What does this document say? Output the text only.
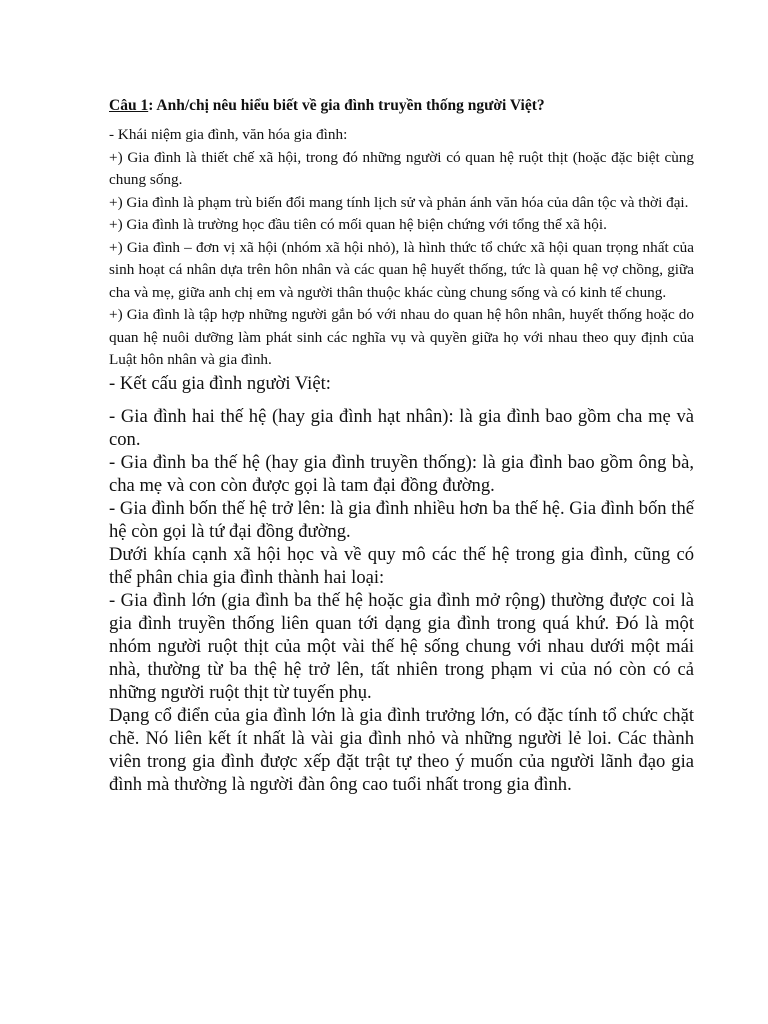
Câu 1: Anh/chị nêu hiểu biết về gia đình truyền thống người Việt?

- Khái niệm gia đình, văn hóa gia đình:

+) Gia đình là thiết chế xã hội, trong đó những người có quan hệ ruột thịt (hoặc đặc biệt cùng chung sống.

+) Gia đình là phạm trù biến đổi mang tính lịch sử và phản ánh văn hóa của dân tộc và thời đại.

+) Gia đình là trường học đầu tiên có mối quan hệ biện chứng với tổng thể xã hội.

+) Gia đình – đơn vị xã hội (nhóm xã hội nhỏ), là hình thức tổ chức xã hội quan trọng nhất của sinh hoạt cá nhân dựa trên hôn nhân và các quan hệ huyết thống, tức là quan hệ vợ chồng, giữa cha và mẹ, giữa anh chị em và người thân thuộc khác cùng chung sống và có kinh tế chung.

+) Gia đình là tập hợp những người gắn bó với nhau do quan hệ hôn nhân, huyết thống hoặc do quan hệ nuôi dưỡng làm phát sinh các nghĩa vụ và quyền giữa họ với nhau theo quy định của Luật hôn nhân và gia đình.

- Kết cấu gia đình người Việt:

- Gia đình hai thế hệ (hay gia đình hạt nhân): là gia đình bao gồm cha mẹ và con.

- Gia đình ba thế hệ (hay gia đình truyền thống): là gia đình bao gồm ông bà, cha mẹ và con còn được gọi là tam đại đồng đường.

- Gia đình bốn thế hệ trở lên: là gia đình nhiều hơn ba thế hệ. Gia đình bốn thế hệ còn gọi là tứ đại đồng đường.

Dưới khía cạnh xã hội học và về quy mô các thế hệ trong gia đình, cũng có thể phân chia gia đình thành hai loại:

- Gia đình lớn (gia đình ba thế hệ hoặc gia đình mở rộng) thường được coi là gia đình truyền thống liên quan tới dạng gia đình trong quá khứ. Đó là một nhóm người ruột thịt của một vài thế hệ sống chung với nhau dưới một mái nhà, thường từ ba thệ hệ trở lên, tất nhiên trong phạm vi của nó còn có cả những người ruột thịt từ tuyến phụ.

Dạng cổ điển của gia đình lớn là gia đình trưởng lớn, có đặc tính tổ chức chặt chẽ. Nó liên kết ít nhất là vài gia đình nhỏ và những người lẻ loi. Các thành viên trong gia đình được xếp đặt trật tự theo ý muốn của người lãnh đạo gia đình mà thường là người đàn ông cao tuổi nhất trong gia đình.
